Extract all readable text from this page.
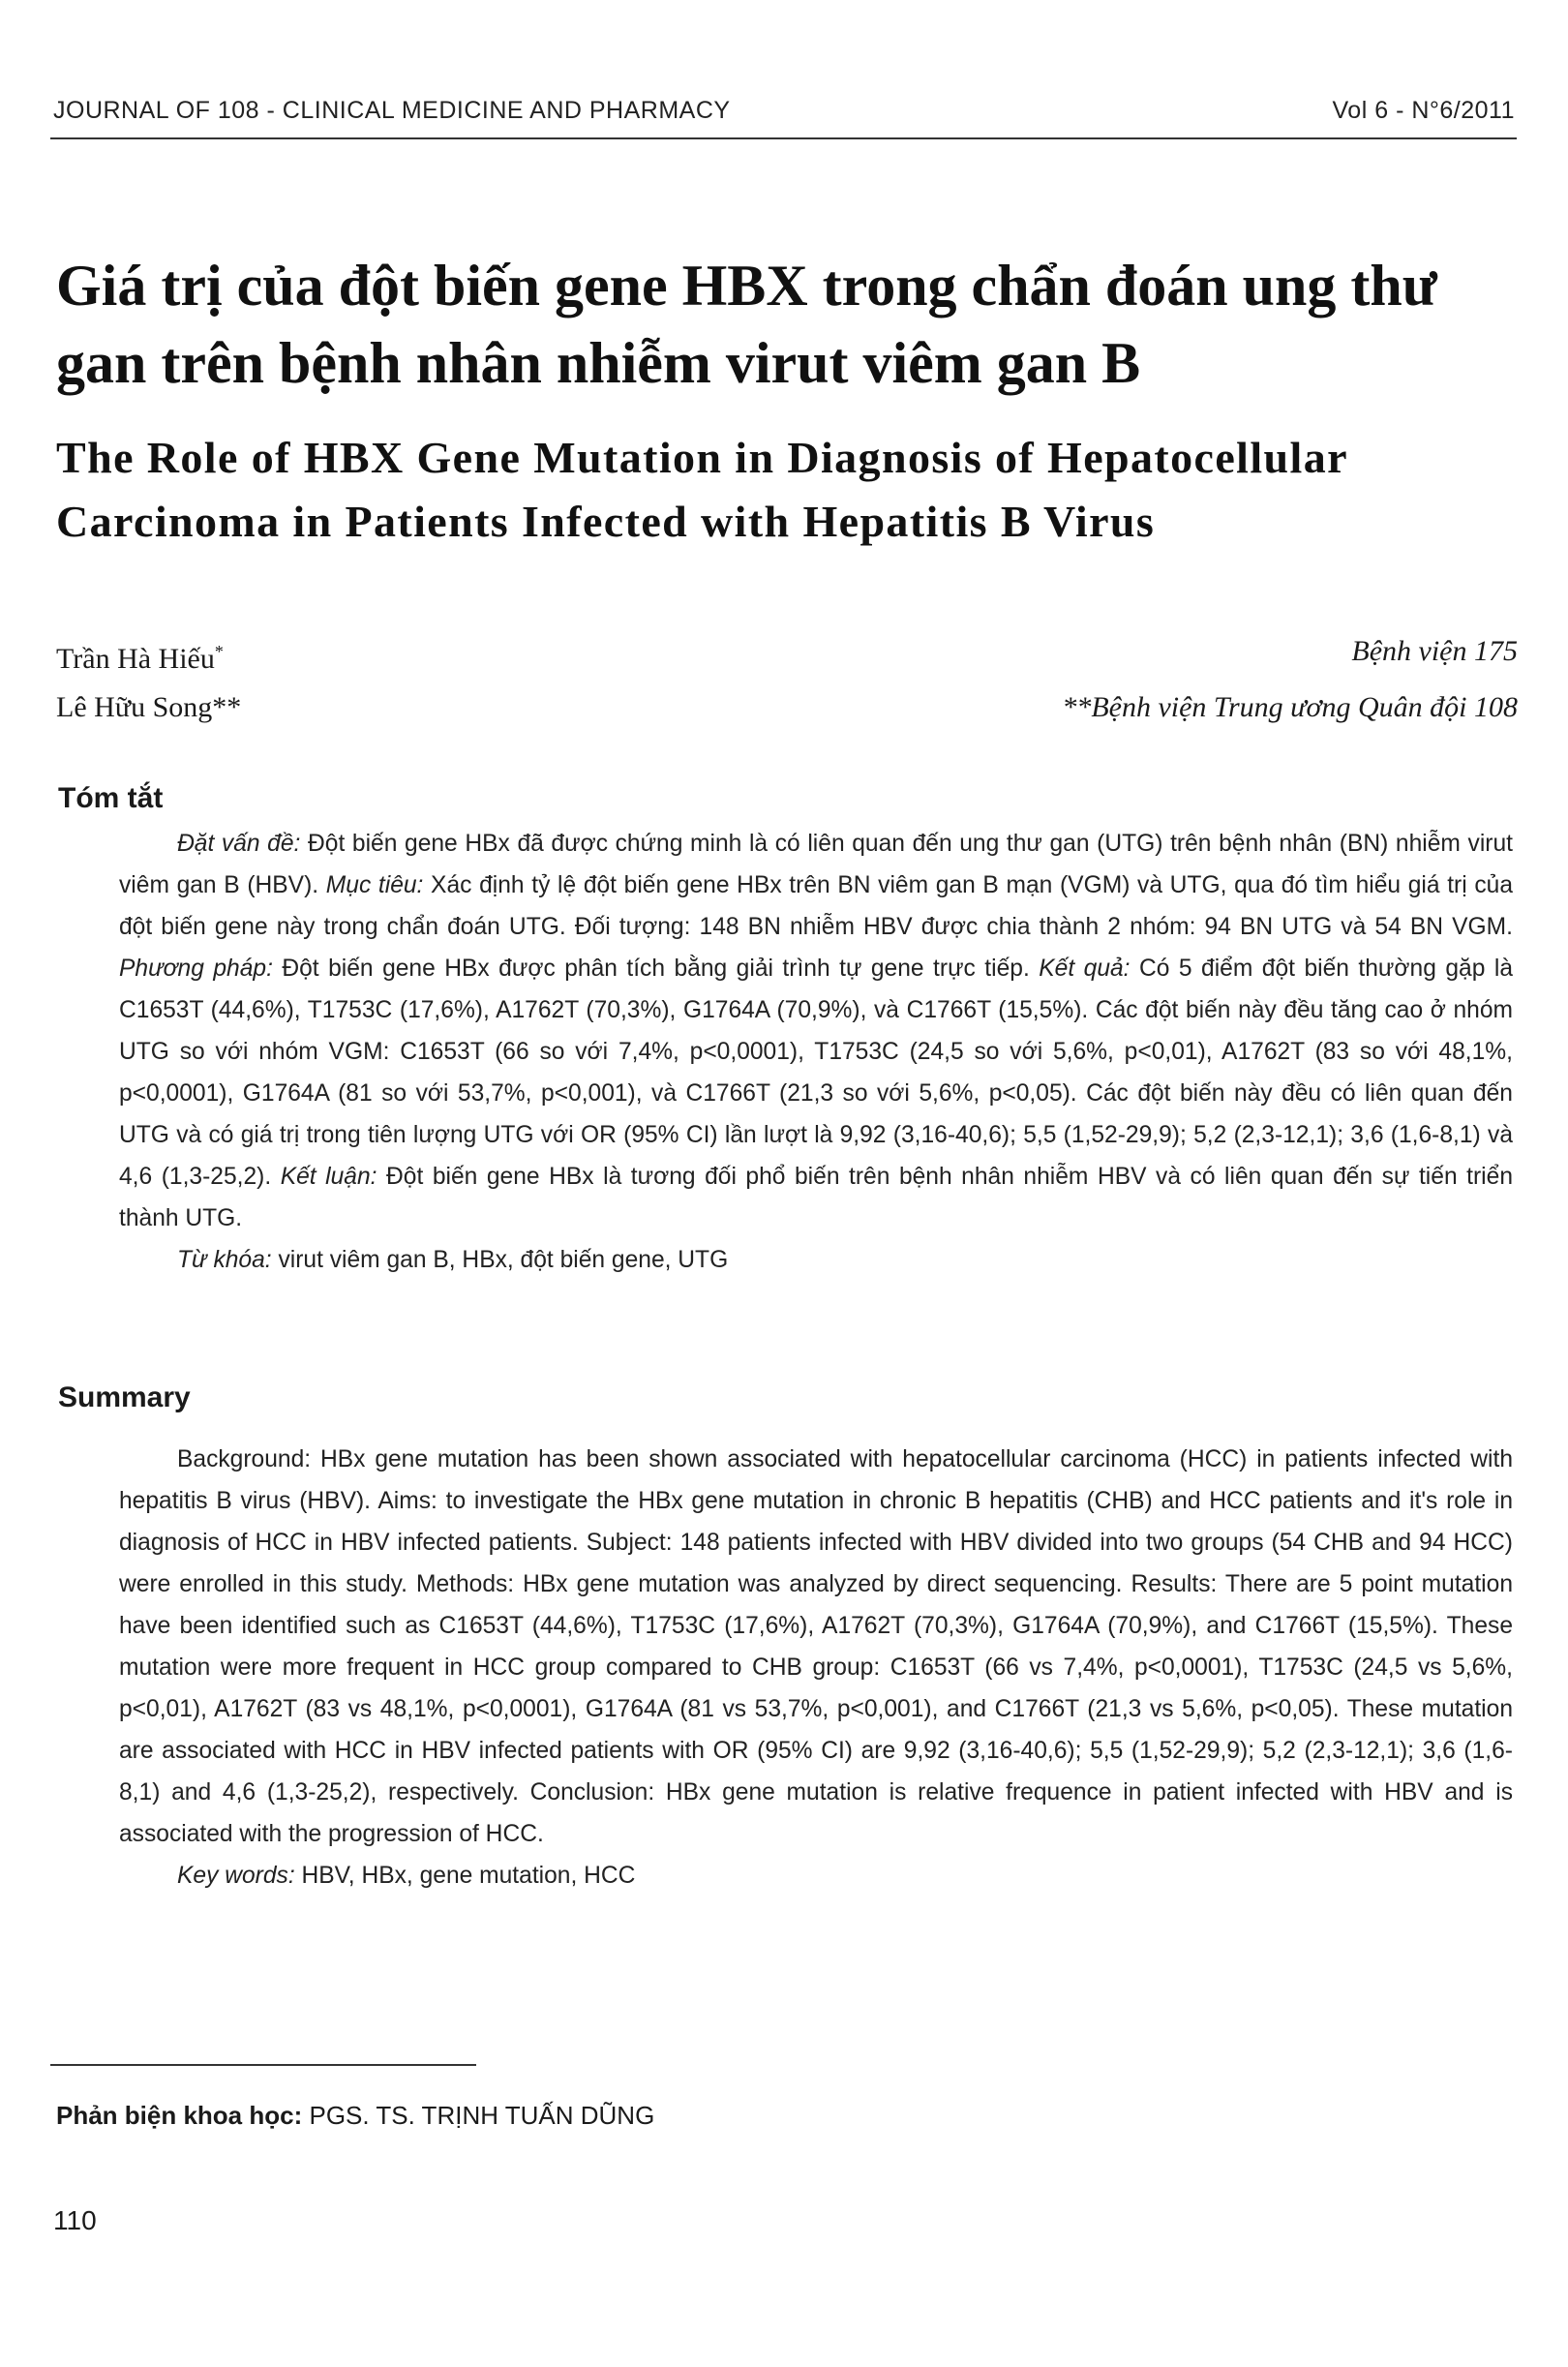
JOURNAL OF 108 - CLINICAL MEDICINE AND PHARMACY	Vol 6 - N°6/2011
Giá trị của đột biến gene HBX trong chẩn đoán ung thư gan trên bệnh nhân nhiễm virut viêm gan B
The Role of HBX Gene Mutation in Diagnosis of Hepatocellular Carcinoma in Patients Infected with Hepatitis B Virus
Trần Hà Hiếu*	Bệnh viện 175
Lê Hữu Song**	**Bệnh viện Trung ương Quân đội 108
Tóm tắt

Đặt vấn đề: Đột biến gene HBx đã được chứng minh là có liên quan đến ung thư gan (UTG) trên bệnh nhân (BN) nhiễm virut viêm gan B (HBV). Mục tiêu: Xác định tỷ lệ đột biến gene HBx trên BN viêm gan B mạn (VGM) và UTG, qua đó tìm hiểu giá trị của đột biến gene này trong chẩn đoán UTG. Đối tượng: 148 BN nhiễm HBV được chia thành 2 nhóm: 94 BN UTG và 54 BN VGM. Phương pháp: Đột biến gene HBx được phân tích bằng giải trình tự gene trực tiếp. Kết quả: Có 5 điểm đột biến thường gặp là C1653T (44,6%), T1753C (17,6%), A1762T (70,3%), G1764A (70,9%), và C1766T (15,5%). Các đột biến này đều tăng cao ở nhóm UTG so với nhóm VGM: C1653T (66 so với 7,4%, p<0,0001), T1753C (24,5 so với 5,6%, p<0,01), A1762T (83 so với 48,1%, p<0,0001), G1764A (81 so với 53,7%, p<0,001), và C1766T (21,3 so với 5,6%, p<0,05). Các đột biến này đều có liên quan đến UTG và có giá trị trong tiên lượng UTG với OR (95% CI) lần lượt là 9,92 (3,16-40,6); 5,5 (1,52-29,9); 5,2 (2,3-12,1); 3,6 (1,6-8,1) và 4,6 (1,3-25,2). Kết luận: Đột biến gene HBx là tương đối phổ biến trên bệnh nhân nhiễm HBV và có liên quan đến sự tiến triển thành UTG.

Từ khóa: virut viêm gan B, HBx, đột biến gene, UTG

Summary

Background: HBx gene mutation has been shown associated with hepatocellular carcinoma (HCC) in patients infected with hepatitis B virus (HBV). Aims: to investigate the HBx gene mutation in chronic B hepatitis (CHB) and HCC patients and it's role in diagnosis of HCC in HBV infected patients. Subject: 148 patients infected with HBV divided into two groups (54 CHB and 94 HCC) were enrolled in this study. Methods: HBx gene mutation was analyzed by direct sequencing. Results: There are 5 point mutation have been identified such as C1653T (44,6%), T1753C (17,6%), A1762T (70,3%), G1764A (70,9%), and C1766T (15,5%). These mutation were more frequent in HCC group compared to CHB group: C1653T (66 vs 7,4%, p<0,0001), T1753C (24,5 vs 5,6%, p<0,01), A1762T (83 vs 48,1%, p<0,0001), G1764A (81 vs 53,7%, p<0,001), and C1766T (21,3 vs 5,6%, p<0,05). These mutation are associated with HCC in HBV infected patients with OR (95% CI) are 9,92 (3,16-40,6); 5,5 (1,52-29,9); 5,2 (2,3-12,1); 3,6 (1,6-8,1) and 4,6 (1,3-25,2), respectively. Conclusion: HBx gene mutation is relative frequence in patient infected with HBV and is associated with the progression of HCC.

Key words: HBV, HBx, gene mutation, HCC

Phản biện khoa học: PGS. TS. TRỊNH TUẤN DŨNG
110
